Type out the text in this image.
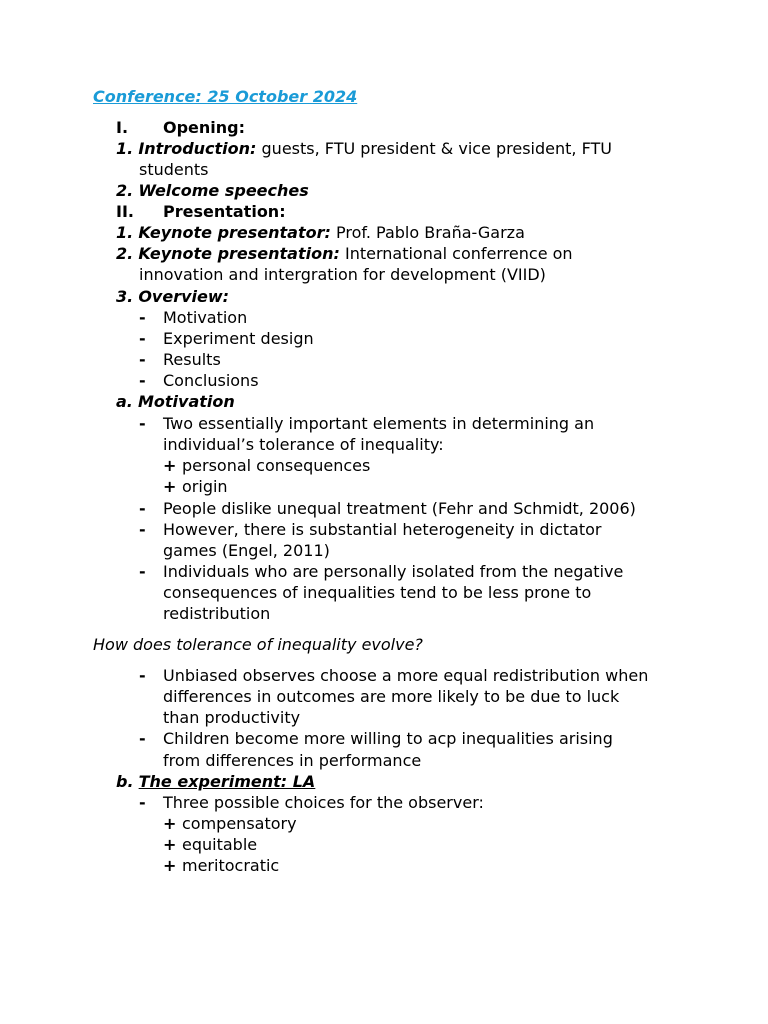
Conference: 25 October 2024
I. Opening:
1. Introduction: guests, FTU president & vice president, FTU
students
2. Welcome speeches
II. Presentation:
1. Keynote presentator: Prof. Pablo Braña-Garza
2. Keynote presentation: International conferrence on
innovation and intergration for development (VIID)
3. Overview:
- Motivation
- Experiment design
- Results
- Conclusions
a. Motivation
- Two essentially important elements in determining an
individual’s tolerance of inequality:
+ personal consequences
+ origin
- People dislike unequal treatment (Fehr and Schmidt, 2006)
- However, there is substantial heterogeneity in dictator
games (Engel, 2011)
- Individuals who are personally isolated from the negative
consequences of inequalities tend to be less prone to
redistribution
How does tolerance of inequality evolve?
- Unbiased observes choose a more equal redistribution when
differences in outcomes are more likely to be due to luck
than productivity
- Children become more willing to acp inequalities arising
from differences in performance
b. The experiment: LA
- Three possible choices for the observer:
+ compensatory
+ equitable
+ meritocratic
